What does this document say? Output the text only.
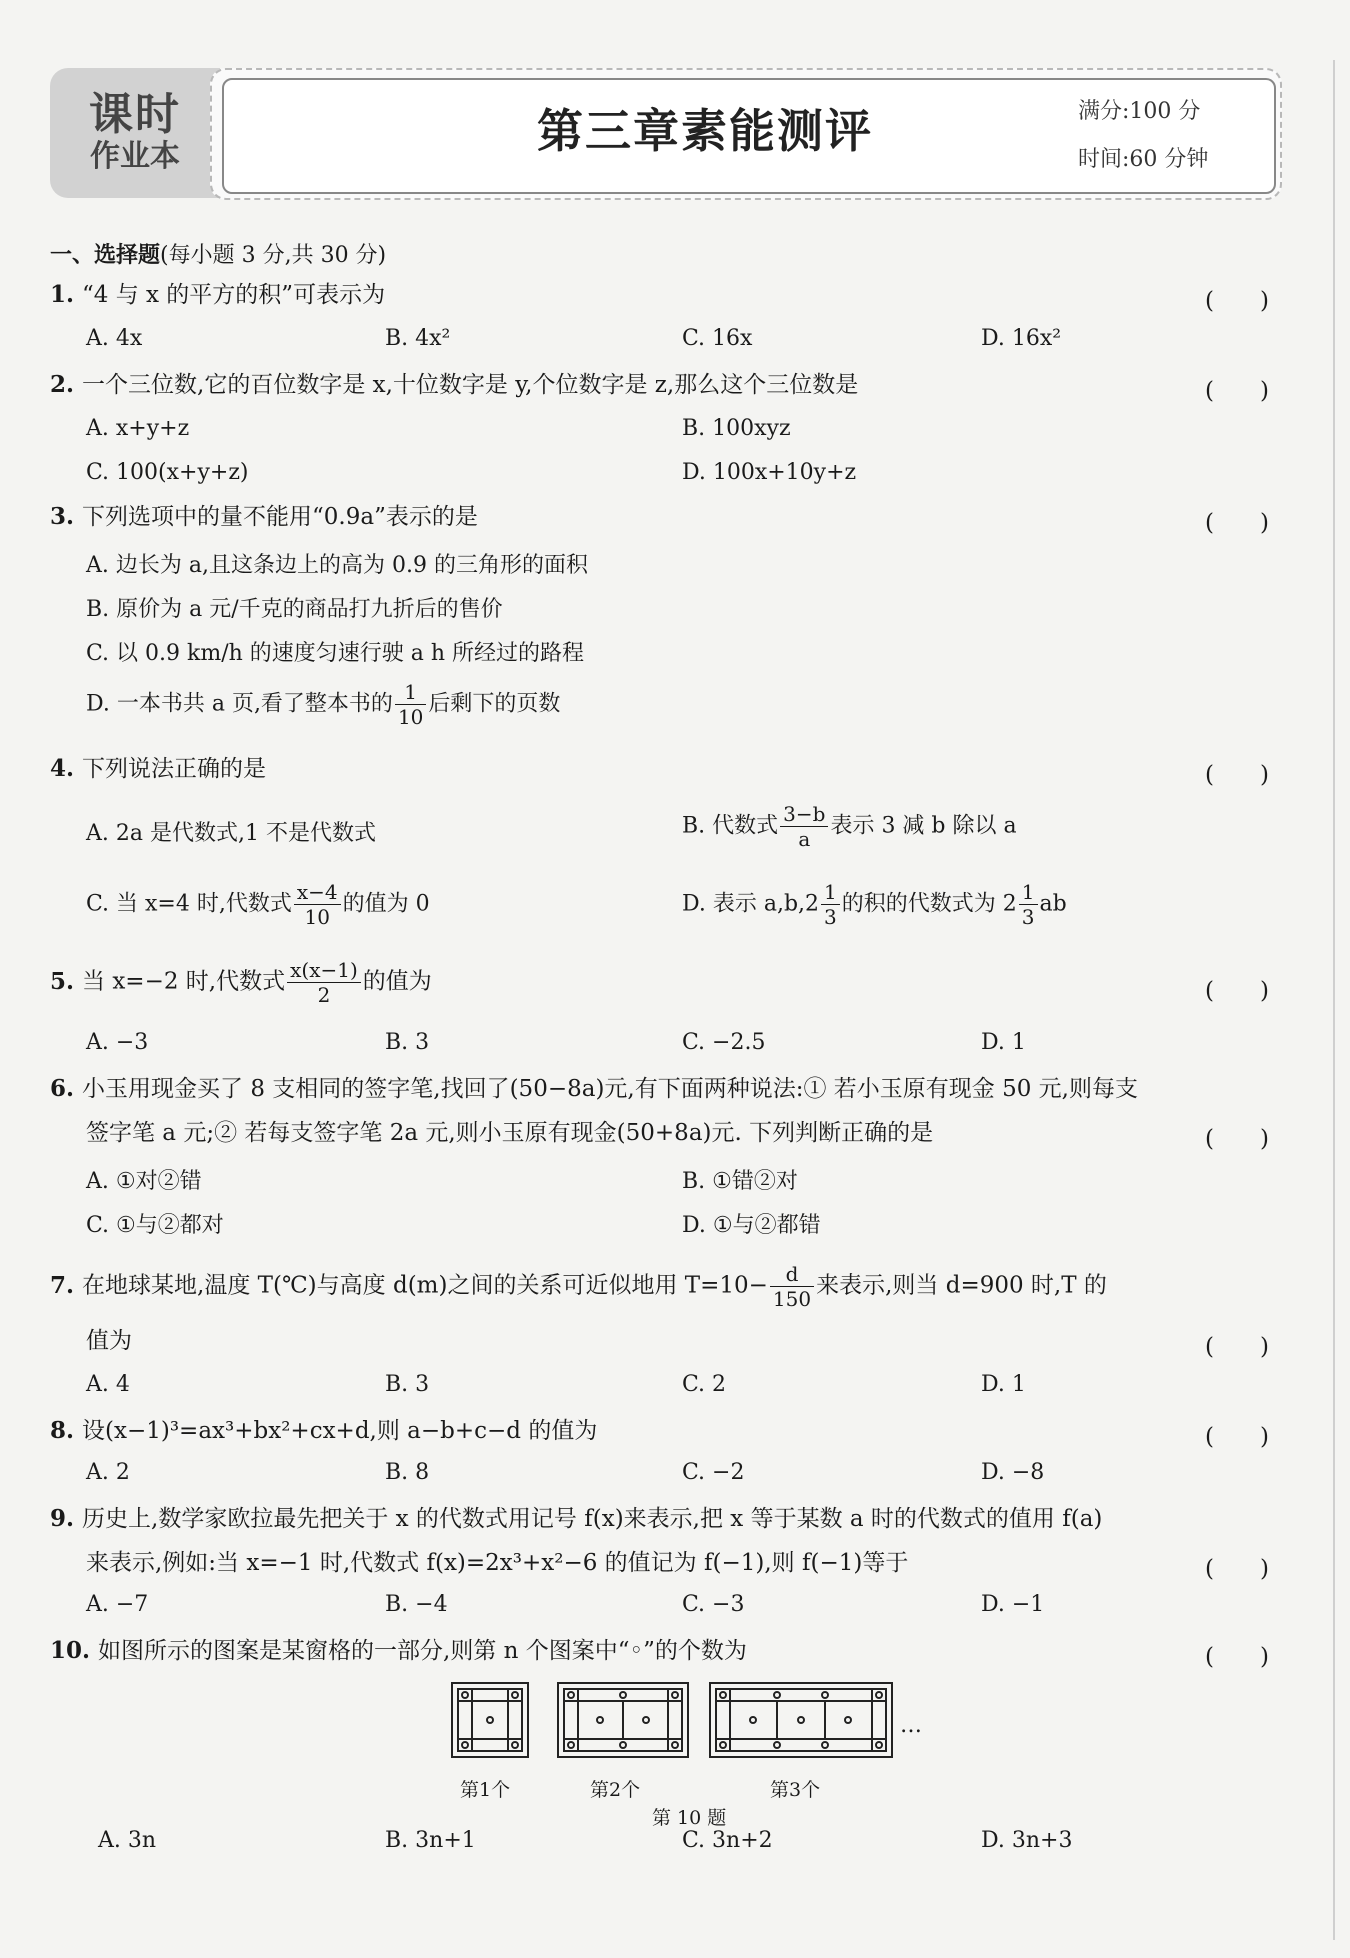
课时
作业本	第三章素能测评	满分:100 分
时间:60 分钟
一、选择题(每小题 3 分,共 30 分)
1. “4 与 x 的平方的积”可表示为	(　　)
A. 4x	B. 4x²	C. 16x	D. 16x²
2. 一个三位数,它的百位数字是 x,十位数字是 y,个位数字是 z,那么这个三位数是	(　　)
A. x+y+z	B. 100xyz
C. 100(x+y+z)	D. 100x+10y+z
3. 下列选项中的量不能用“0.9a”表示的是	(　　)
A. 边长为 a,且这条边上的高为 0.9 的三角形的面积
B. 原价为 a 元/千克的商品打九折后的售价
C. 以 0.9 km/h 的速度匀速行驶 a h 所经过的路程
D. 一本书共 a 页,看了整本书的 $\frac{1}{10}$ 后剩下的页数
4. 下列说法正确的是	(　　)
A. 2a 是代数式,1 不是代数式	B. 代数式 $\frac{3-b}{a}$ 表示 3 减 b 除以 a
C. 当 x=4 时,代数式 $\frac{x-4}{10}$ 的值为 0	D. 表示 $a,b,2 \frac{1}{3}$ 的积的代数式为 $2 \frac{1}{3}$ ab
5. 当 x=−2 时,代数式 $\frac{x(x-1)}{2}$ 的值为	(　　)
A. −3	B. 3	C. −2.5	D. 1
6. 小玉用现金买了 8 支相同的签字笔,找回了(50−8a)元,有下面两种说法:① 若小玉原有现金 50 元,则每支
签字笔 a 元;② 若每支签字笔 2a 元,则小玉原有现金(50+8a)元. 下列判断正确的是	(　　)
A. ①对②错	B. ①错②对
C. ①与②都对	D. ①与②都错
7. 在地球某地,温度 T(℃)与高度 d(m)之间的关系可近似地用 $T=10- \frac{d}{150}$ 来表示,则当 d=900 时,T 的
值为	(　　)
A. 4	B. 3	C. 2	D. 1
8. 设(x−1)³=ax³+bx²+cx+d,则 a−b+c−d 的值为	(　　)
A. 2	B. 8	C. −2	D. −8
9. 历史上,数学家欧拉最先把关于 x 的代数式用记号 f(x)来表示,把 x 等于某数 a 时的代数式的值用 f(a)
来表示,例如:当 x=−1 时,代数式 f(x)=2x³+x²−6 的值记为 f(−1),则 f(−1)等于	(　　)
A. −7	B. −4	C. −3	D. −1
10. 如图所示的图案是某窗格的一部分,则第 n 个图案中“◦”的个数为	(　　)
…
第1个	第2个	第3个
第 10 题
A. 3n	B. 3n+1	C. 3n+2	D. 3n+3
